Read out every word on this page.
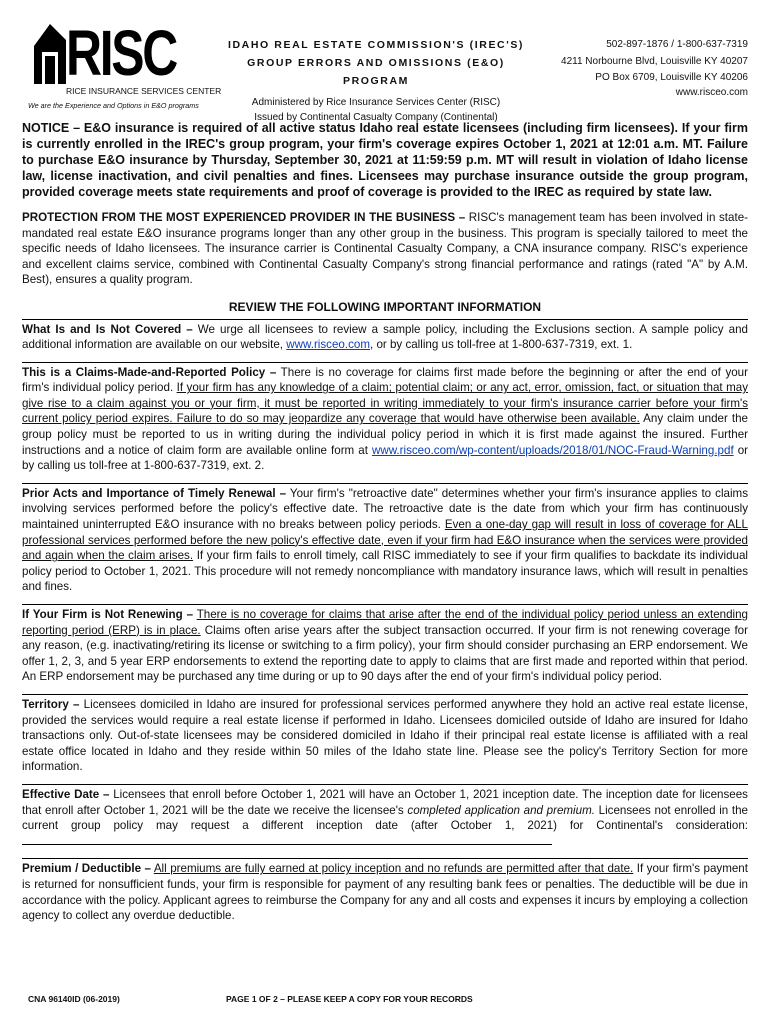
RISC
RICE INSURANCE SERVICES CENTER
We are the Experience and Options in E&O programs
IDAHO REAL ESTATE COMMISSION'S (IREC'S)
GROUP ERRORS AND OMISSIONS (E&O) PROGRAM
Administered by Rice Insurance Services Center (RISC)
Issued by Continental Casualty Company (Continental)
502-897-1876 / 1-800-637-7319
4211 Norbourne Blvd, Louisville KY 40207
PO Box 6709, Louisville KY 40206
www.risceo.com
NOTICE – E&O insurance is required of all active status Idaho real estate licensees (including firm licensees). If your firm is currently enrolled in the IREC's group program, your firm's coverage expires October 1, 2021 at 12:01 a.m. MT. Failure to purchase E&O insurance by Thursday, September 30, 2021 at 11:59:59 p.m. MT will result in violation of Idaho license law, license inactivation, and civil penalties and fines. Licensees may purchase insurance outside the group program, provided coverage meets state requirements and proof of coverage is provided to the IREC as required by state law.
PROTECTION FROM THE MOST EXPERIENCED PROVIDER IN THE BUSINESS – RISC's management team has been involved in state-mandated real estate E&O insurance programs longer than any other group in the business. This program is specially tailored to meet the specific needs of Idaho licensees. The insurance carrier is Continental Casualty Company, a CNA insurance company. RISC's experience and excellent claims service, combined with Continental Casualty Company's strong financial performance and ratings (rated "A" by A.M. Best), ensures a quality program.
REVIEW THE FOLLOWING IMPORTANT INFORMATION
What Is and Is Not Covered – We urge all licensees to review a sample policy, including the Exclusions section. A sample policy and additional information are available on our website, www.risceo.com, or by calling us toll-free at 1-800-637-7319, ext. 1.
This is a Claims-Made-and-Reported Policy – There is no coverage for claims first made before the beginning or after the end of your firm's individual policy period. If your firm has any knowledge of a claim; potential claim; or any act, error, omission, fact, or situation that may give rise to a claim against you or your firm, it must be reported in writing immediately to your firm's insurance carrier before your firm's current policy period expires. Failure to do so may jeopardize any coverage that would have otherwise been available. Any claim under the group policy must be reported to us in writing during the individual policy period in which it is first made against the insured. Further instructions and a notice of claim form are available online form at www.risceo.com/wp-content/uploads/2018/01/NOC-Fraud-Warning.pdf or by calling us toll-free at 1-800-637-7319, ext. 2.
Prior Acts and Importance of Timely Renewal – Your firm's "retroactive date" determines whether your firm's insurance applies to claims involving services performed before the policy's effective date. The retroactive date is the date from which your firm has continuously maintained uninterrupted E&O insurance with no breaks between policy periods. Even a one-day gap will result in loss of coverage for ALL professional services performed before the new policy's effective date, even if your firm had E&O insurance when the services were provided and again when the claim arises. If your firm fails to enroll timely, call RISC immediately to see if your firm qualifies to backdate its individual policy period to October 1, 2021. This procedure will not remedy noncompliance with mandatory insurance laws, which will result in penalties and fines.
If Your Firm is Not Renewing – There is no coverage for claims that arise after the end of the individual policy period unless an extending reporting period (ERP) is in place. Claims often arise years after the subject transaction occurred. If your firm is not renewing coverage for any reason, (e.g. inactivating/retiring its license or switching to a firm policy), your firm should consider purchasing an ERP endorsement. We offer 1, 2, 3, and 5 year ERP endorsements to extend the reporting date to apply to claims that are first made and reported within that period. An ERP endorsement may be purchased any time during or up to 90 days after the end of your firm's individual policy period.
Territory – Licensees domiciled in Idaho are insured for professional services performed anywhere they hold an active real estate license, provided the services would require a real estate license if performed in Idaho. Licensees domiciled outside of Idaho are insured for Idaho transactions only. Out-of-state licensees may be considered domiciled in Idaho if their principal real estate license is affiliated with a real estate office located in Idaho and they reside within 50 miles of the Idaho state line. Please see the policy's Territory Section for more information.
Effective Date – Licensees that enroll before October 1, 2021 will have an October 1, 2021 inception date. The inception date for licensees that enroll after October 1, 2021 will be the date we receive the licensee's completed application and premium. Licensees not enrolled in the current group policy may request a different inception date (after October 1, 2021) for Continental's consideration:
Premium / Deductible – All premiums are fully earned at policy inception and no refunds are permitted after that date. If your firm's payment is returned for nonsufficient funds, your firm is responsible for payment of any resulting bank fees or penalties. The deductible will be due in accordance with the policy. Applicant agrees to reimburse the Company for any and all costs and expenses it incurs by employing a collection agency to collect any overdue deductible.
CNA 96140ID (06-2019)	PAGE 1 OF 2 – PLEASE KEEP A COPY FOR YOUR RECORDS
